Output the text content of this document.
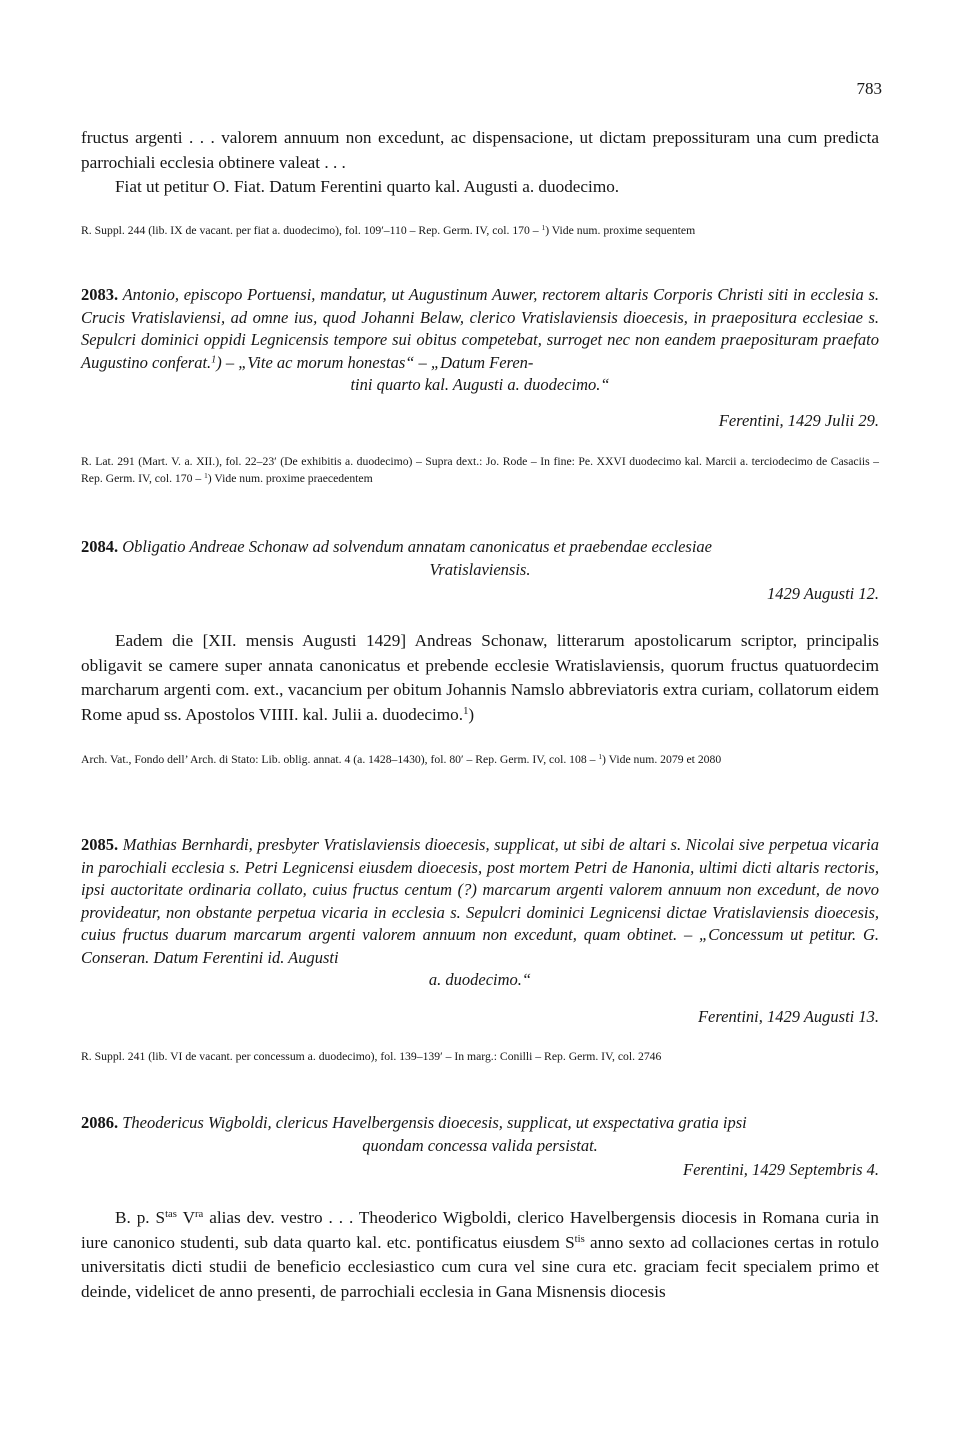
783
fructus argenti . . . valorem annuum non excedunt, ac dispensacione, ut dictam prepossituram una cum predicta parrochiali ecclesia obtinere valeat . . .
Fiat ut petitur O. Fiat. Datum Ferentini quarto kal. Augusti a. duodecimo.
R. Suppl. 244 (lib. IX de vacant. per fiat a. duodecimo), fol. 109′–110 – Rep. Germ. IV, col. 170 – $^1$) Vide num. proxime sequentem
2083. Antonio, episcopo Portuensi, mandatur, ut Augustinum Auwer, rectorem altaris Corporis Christi siti in ecclesia s. Crucis Vratislaviensi, ad omne ius, quod Johanni Belaw, clerico Vratislaviensis dioecesis, in praepositura ecclesiae s. Sepulcri dominici oppidi Legnicensis tempore sui obitus competebat, surroget nec non eandem praeposituram praefato Augustino conferat.$^1$) – „Vite ac morum honestas“ – „Datum Feren-
tini quarto kal. Augusti a. duodecimo.“
Ferentini, 1429 Julii 29.
R. Lat. 291 (Mart. V. a. XII.), fol. 22–23′ (De exhibitis a. duodecimo) – Supra dext.: Jo. Rode – In fine: Pe. XXVI duodecimo kal. Marcii a. terciodecimo de Casaciis – Rep. Germ. IV, col. 170 – $^1$) Vide num. proxime praecedentem
2084. Obligatio Andreae Schonaw ad solvendum annatam canonicatus et praebendae ecclesiae
Vratislaviensis.
1429 Augusti 12.
Eadem die [XII. mensis Augusti 1429] Andreas Schonaw, litterarum apostolicarum scriptor, principalis obligavit se camere super annata canonicatus et prebende ecclesie Wratislaviensis, quorum fructus quatuordecim marcharum argenti com. ext., vacancium per obitum Johannis Namslo abbreviatoris extra curiam, collatorum eidem Rome apud ss. Apostolos VIIII. kal. Julii a. duodecimo.$^1$)
Arch. Vat., Fondo dell’ Arch. di Stato: Lib. oblig. annat. 4 (a. 1428–1430), fol. 80′ – Rep. Germ. IV, col. 108 – $^1$) Vide num. 2079 et 2080
2085. Mathias Bernhardi, presbyter Vratislaviensis dioecesis, supplicat, ut sibi de altari s. Nicolai sive perpetua vicaria in parochiali ecclesia s. Petri Legnicensi eiusdem dioecesis, post mortem Petri de Hanonia, ultimi dicti altaris rectoris, ipsi auctoritate ordinaria collato, cuius fructus centum (?) marcarum argenti valorem annuum non excedunt, de novo provideatur, non obstante perpetua vicaria in ecclesia s. Sepulcri dominici Legnicensi dictae Vratislaviensis dioecesis, cuius fructus duarum marcarum argenti valorem annuum non excedunt, quam obtinet. – „Concessum ut petitur. G. Conseran. Datum Ferentini id. Augusti
a. duodecimo.“
Ferentini, 1429 Augusti 13.
R. Suppl. 241 (lib. VI de vacant. per concessum a. duodecimo), fol. 139–139′ – In marg.: Conilli – Rep. Germ. IV, col. 2746
2086. Theodericus Wigboldi, clericus Havelbergensis dioecesis, supplicat, ut exspectativa gratia ipsi
quondam concessa valida persistat.
Ferentini, 1429 Septembris 4.
B. p. $S^{tas}$ $V^{ra}$ alias dev. vestro . . . Theoderico Wigboldi, clerico Havelbergensis diocesis in Romana curia in iure canonico studenti, sub data quarto kal. etc. pontificatus eiusdem $S^{tis}$ anno sexto ad collaciones certas in rotulo universitatis dicti studii de beneficio ecclesiastico cum cura vel sine cura etc. graciam fecit specialem primo et deinde, videlicet de anno presenti, de parrochiali ecclesia in Gana Misnensis diocesis
